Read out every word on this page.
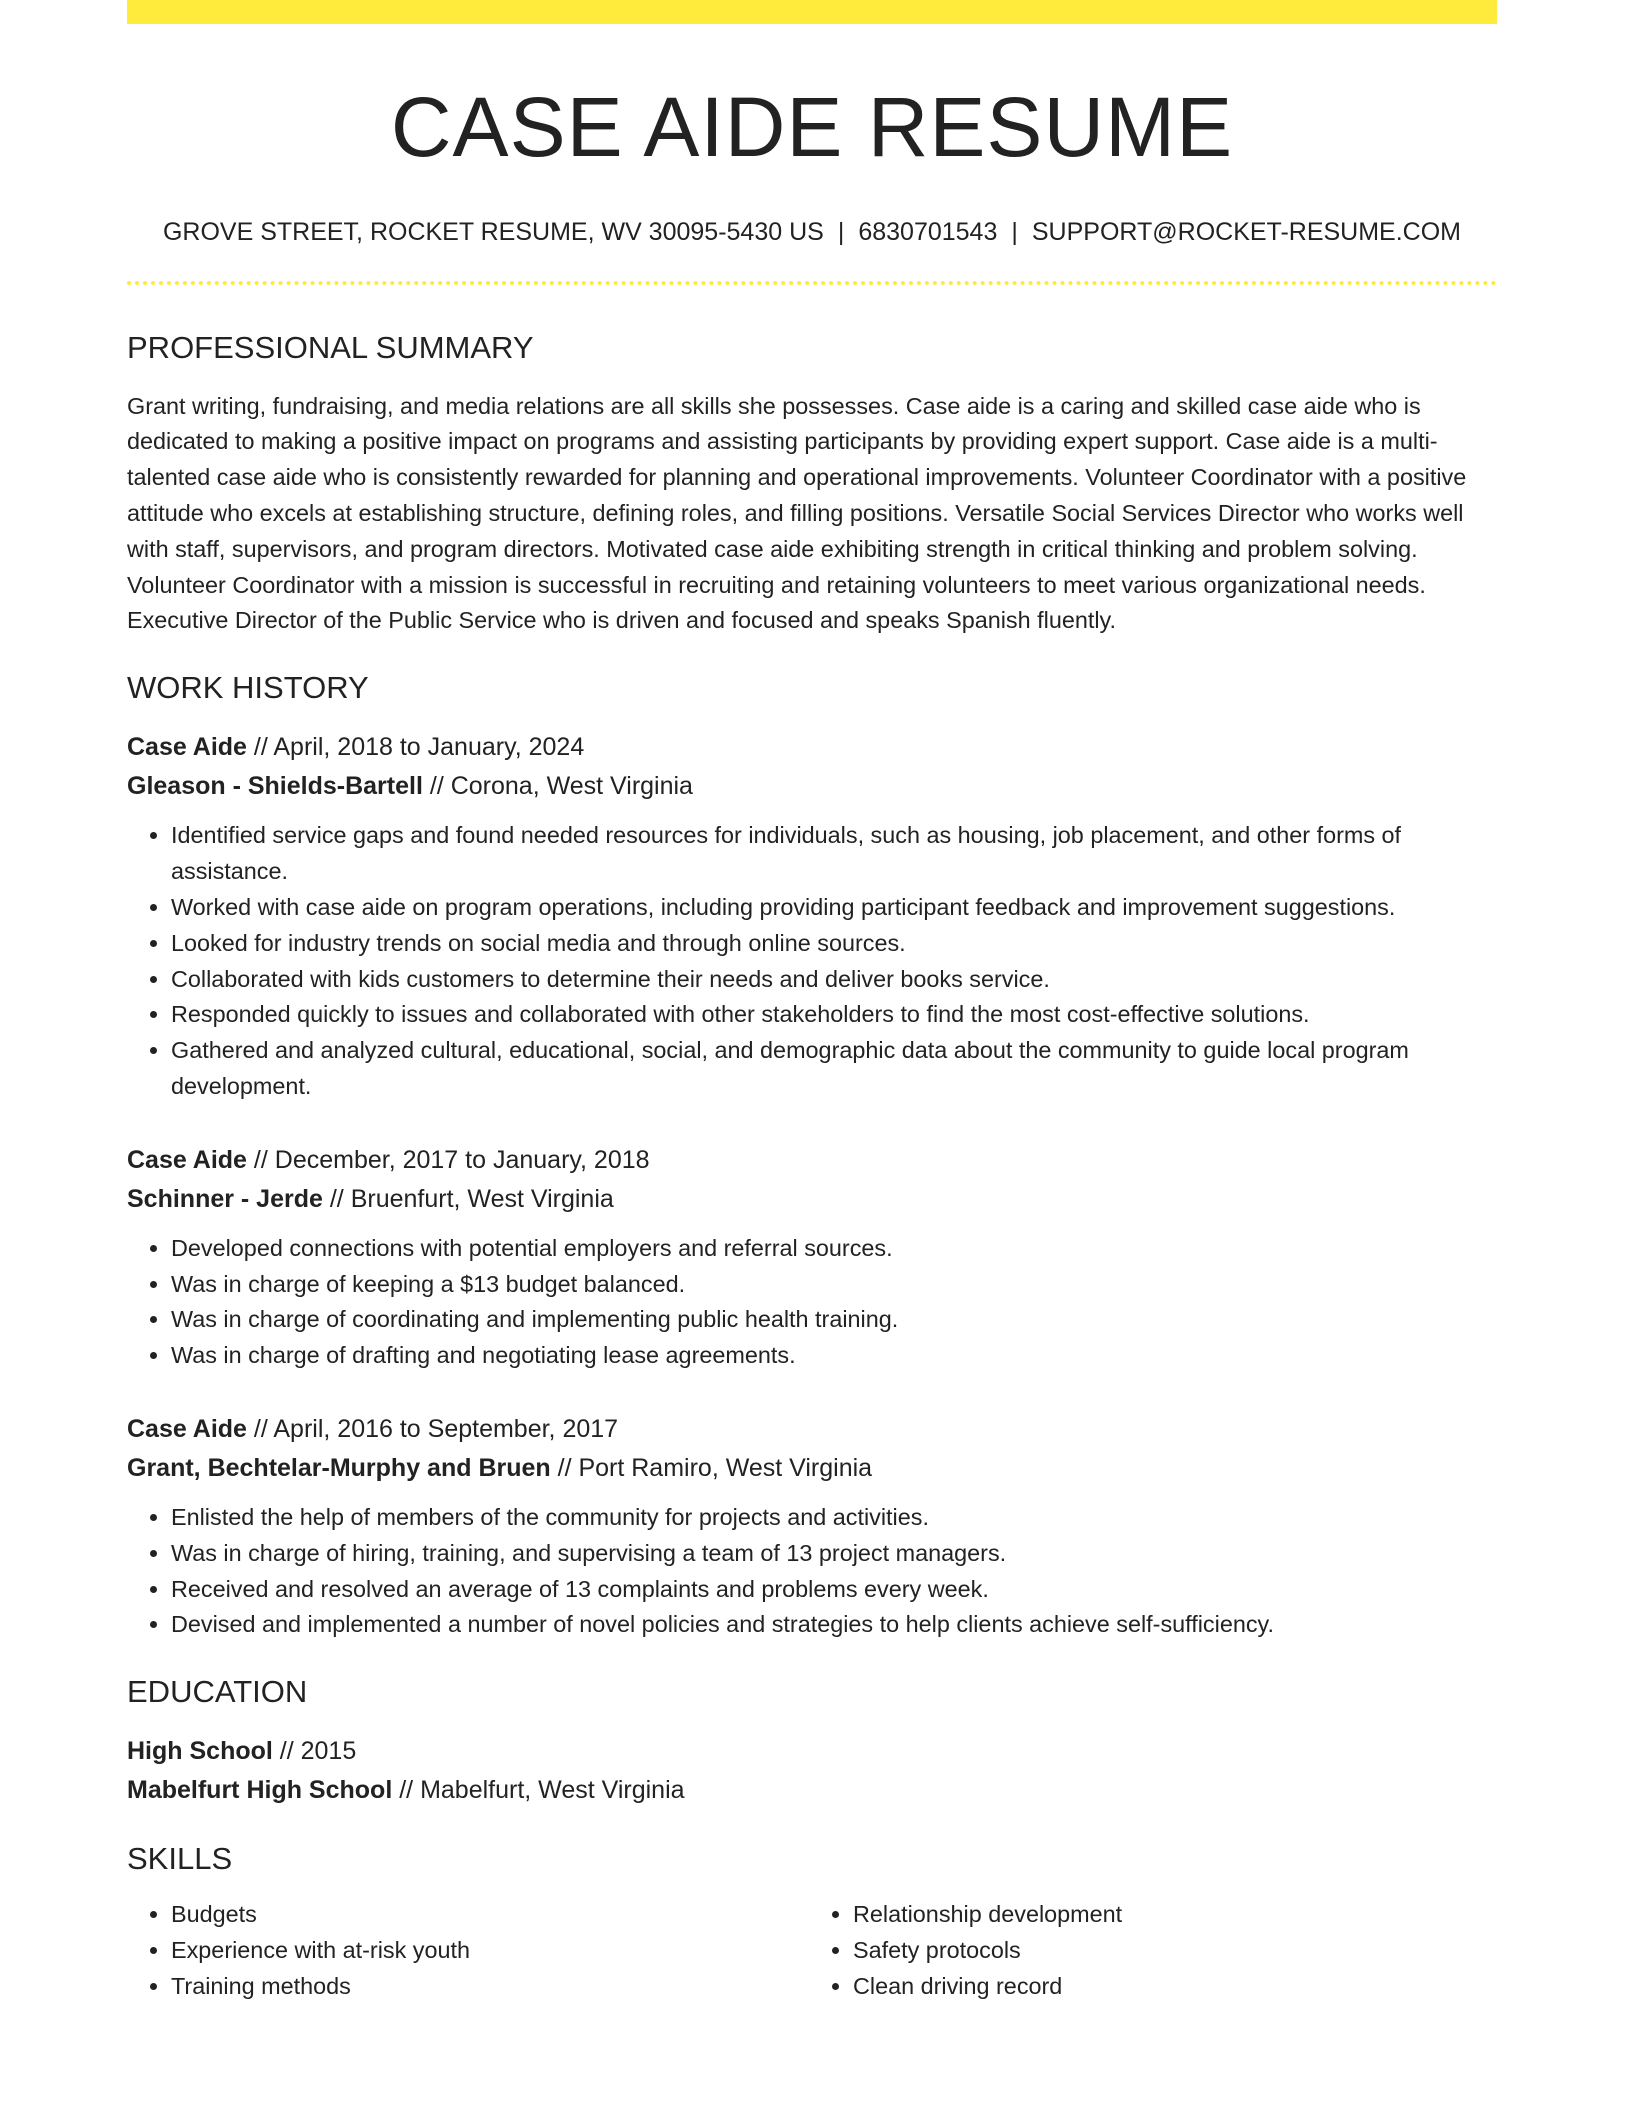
CASE AIDE RESUME
GROVE STREET, ROCKET RESUME, WV 30095-5430 US | 6830701543 | SUPPORT@ROCKET-RESUME.COM
PROFESSIONAL SUMMARY
Grant writing, fundraising, and media relations are all skills she possesses. Case aide is a caring and skilled case aide who is dedicated to making a positive impact on programs and assisting participants by providing expert support. Case aide is a multi-talented case aide who is consistently rewarded for planning and operational improvements. Volunteer Coordinator with a positive attitude who excels at establishing structure, defining roles, and filling positions. Versatile Social Services Director who works well with staff, supervisors, and program directors. Motivated case aide exhibiting strength in critical thinking and problem solving. Volunteer Coordinator with a mission is successful in recruiting and retaining volunteers to meet various organizational needs. Executive Director of the Public Service who is driven and focused and speaks Spanish fluently.
WORK HISTORY
Case Aide // April, 2018 to January, 2024
Gleason - Shields-Bartell // Corona, West Virginia
• Identified service gaps and found needed resources for individuals, such as housing, job placement, and other forms of assistance.
• Worked with case aide on program operations, including providing participant feedback and improvement suggestions.
• Looked for industry trends on social media and through online sources.
• Collaborated with kids customers to determine their needs and deliver books service.
• Responded quickly to issues and collaborated with other stakeholders to find the most cost-effective solutions.
• Gathered and analyzed cultural, educational, social, and demographic data about the community to guide local program development.
Case Aide // December, 2017 to January, 2018
Schinner - Jerde // Bruenfurt, West Virginia
• Developed connections with potential employers and referral sources.
• Was in charge of keeping a $13 budget balanced.
• Was in charge of coordinating and implementing public health training.
• Was in charge of drafting and negotiating lease agreements.
Case Aide // April, 2016 to September, 2017
Grant, Bechtelar-Murphy and Bruen // Port Ramiro, West Virginia
• Enlisted the help of members of the community for projects and activities.
• Was in charge of hiring, training, and supervising a team of 13 project managers.
• Received and resolved an average of 13 complaints and problems every week.
• Devised and implemented a number of novel policies and strategies to help clients achieve self-sufficiency.
EDUCATION
High School // 2015
Mabelfurt High School // Mabelfurt, West Virginia
SKILLS
• Budgets
• Experience with at-risk youth
• Training methods
• Relationship development
• Safety protocols
• Clean driving record
